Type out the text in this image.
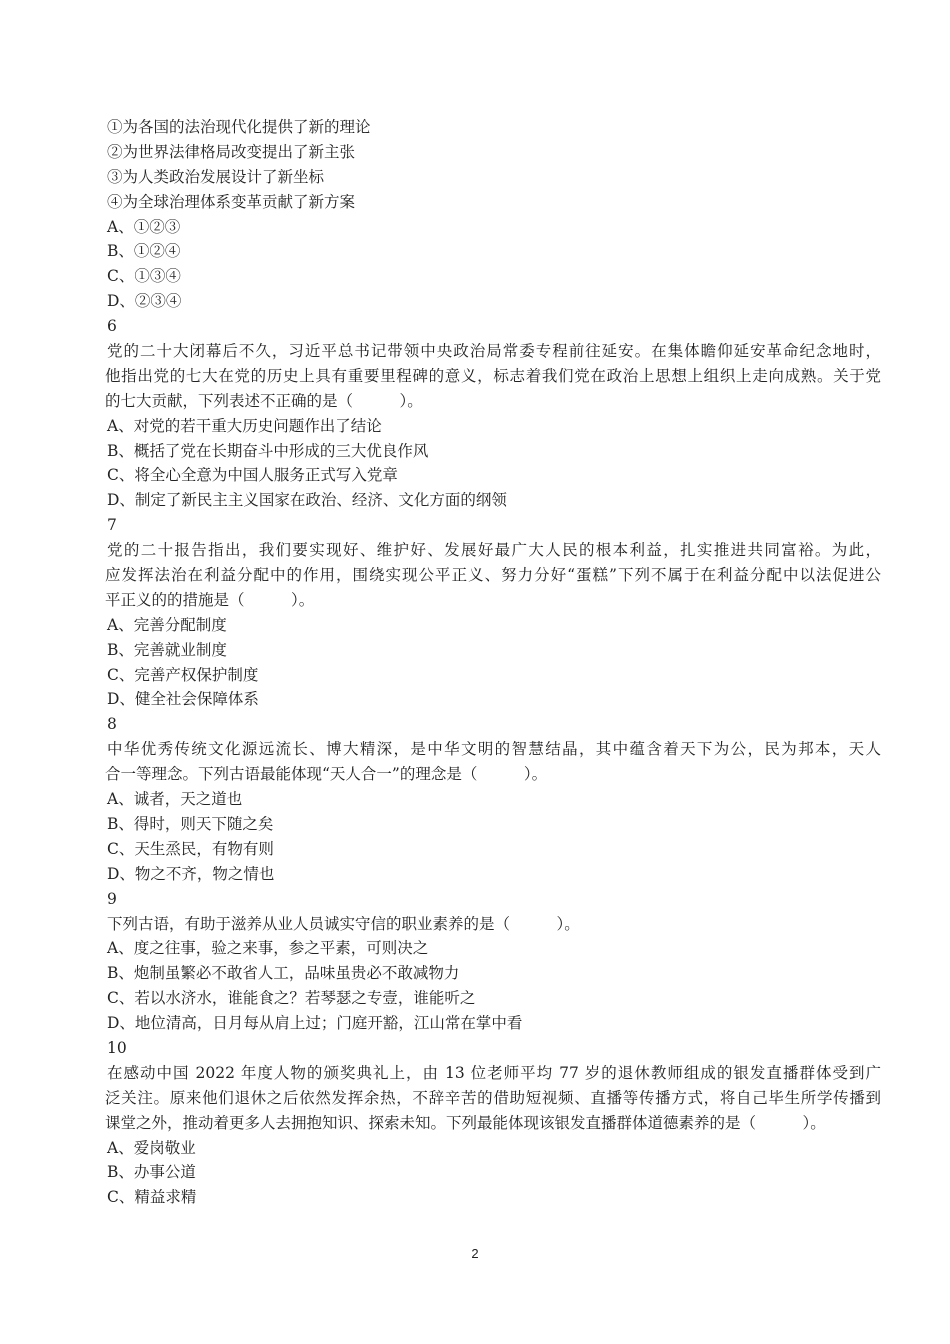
①为各国的法治现代化提供了新的理论
②为世界法律格局改变提出了新主张
③为人类政治发展设计了新坐标
④为全球治理体系变革贡献了新方案
A、①②③
B、①②④
C、①③④
D、②③④
6
党的二十大闭幕后不久，习近平总书记带领中央政治局常委专程前往延安。在集体瞻仰延安革命纪念地时，
他指出党的七大在党的历史上具有重要里程碑的意义，标志着我们党在政治上思想上组织上走向成熟。关于党
的七大贡献，下列表述不正确的是（　　　）。
A、对党的若干重大历史问题作出了结论
B、概括了党在长期奋斗中形成的三大优良作风
C、将全心全意为中国人服务正式写入党章
D、制定了新民主主义国家在政治、经济、文化方面的纲领
7
党的二十报告指出，我们要实现好、维护好、发展好最广大人民的根本利益，扎实推进共同富裕。为此，
应发挥法治在利益分配中的作用，围绕实现公平正义、努力分好“蛋糕”下列不属于在利益分配中以法促进公
平正义的的措施是（　　　）。
A、完善分配制度
B、完善就业制度
C、完善产权保护制度
D、健全社会保障体系
8
中华优秀传统文化源远流长、博大精深，是中华文明的智慧结晶，其中蕴含着天下为公，民为邦本，天人
合一等理念。下列古语最能体现“天人合一”的理念是（　　　）。
A、诚者，天之道也
B、得时，则天下随之矣
C、天生烝民，有物有则
D、物之不齐，物之情也
9
下列古语，有助于滋养从业人员诚实守信的职业素养的是（　　　）。
A、度之往事，验之来事，参之平素，可则决之
B、炮制虽繁必不敢省人工，品味虽贵必不敢减物力
C、若以水济水，谁能食之？若琴瑟之专壹，谁能听之
D、地位清高，日月每从肩上过；门庭开豁，江山常在掌中看
10
在感动中国 2022 年度人物的颁奖典礼上，由 13 位老师平均 77 岁的退休教师组成的银发直播群体受到广
泛关注。原来他们退休之后依然发挥余热，不辞辛苦的借助短视频、直播等传播方式，将自己毕生所学传播到
课堂之外，推动着更多人去拥抱知识、探索未知。下列最能体现该银发直播群体道德素养的是（　　　）。
A、爱岗敬业
B、办事公道
C、精益求精
2
